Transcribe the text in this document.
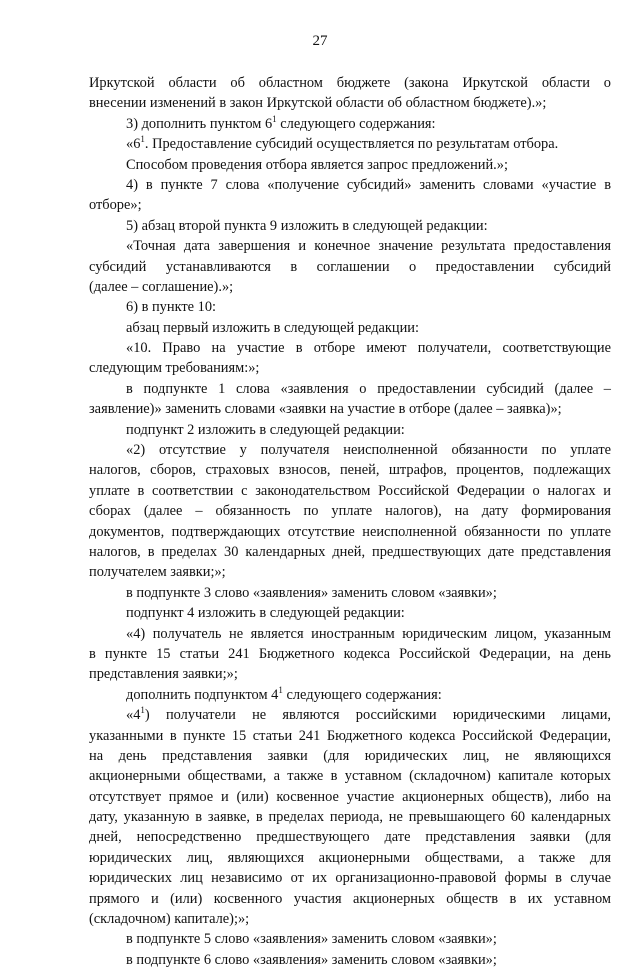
27
Иркутской области об областном бюджете (закона Иркутской области о
внесении изменений в закон Иркутской области об областном бюджете).»;
3) дополнить пунктом $6^1$ следующего содержания:
«$6^1$. Предоставление субсидий осуществляется по результатам отбора.
Способом проведения отбора является запрос предложений.»;
4) в пункте 7 слова «получение субсидий» заменить словами «участие в
отборе»;
5) абзац второй пункта 9 изложить в следующей редакции:
«Точная дата завершения и конечное значение результата предоставления
субсидий устанавливаются в соглашении о предоставлении субсидий
(далее – соглашение).»;
6) в пункте 10:
абзац первый изложить в следующей редакции:
«10. Право на участие в отборе имеют получатели, соответствующие
следующим требованиям:»;
в подпункте 1 слова «заявления о предоставлении субсидий (далее –
заявление)» заменить словами «заявки на участие в отборе (далее – заявка)»;
подпункт 2 изложить в следующей редакции:
«2) отсутствие у получателя неисполненной обязанности по уплате
налогов, сборов, страховых взносов, пеней, штрафов, процентов, подлежащих
уплате в соответствии с законодательством Российской Федерации о налогах и
сборах (далее – обязанность по уплате налогов), на дату формирования
документов, подтверждающих отсутствие неисполненной обязанности по уплате
налогов, в пределах 30 календарных дней, предшествующих дате представления
получателем заявки;»;
в подпункте 3 слово «заявления» заменить словом «заявки»;
подпункт 4 изложить в следующей редакции:
«4) получатель не является иностранным юридическим лицом, указанным
в пункте 15 статьи 241 Бюджетного кодекса Российской Федерации, на день
представления заявки;»;
дополнить подпунктом $4^1$ следующего содержания:
«$4^1$) получатели не являются российскими юридическими лицами,
указанными в пункте 15 статьи 241 Бюджетного кодекса Российской Федерации,
на день представления заявки (для юридических лиц, не являющихся
акционерными обществами, а также в уставном (складочном) капитале которых
отсутствует прямое и (или) косвенное участие акционерных обществ), либо на
дату, указанную в заявке, в пределах периода, не превышающего 60 календарных
дней, непосредственно предшествующего дате представления заявки (для
юридических лиц, являющихся акционерными обществами, а также для
юридических лиц независимо от их организационно-правовой формы в случае
прямого и (или) косвенного участия акционерных обществ в их уставном
(складочном) капитале);»;
в подпункте 5 слово «заявления» заменить словом «заявки»;
в подпункте 6 слово «заявления» заменить словом «заявки»;
